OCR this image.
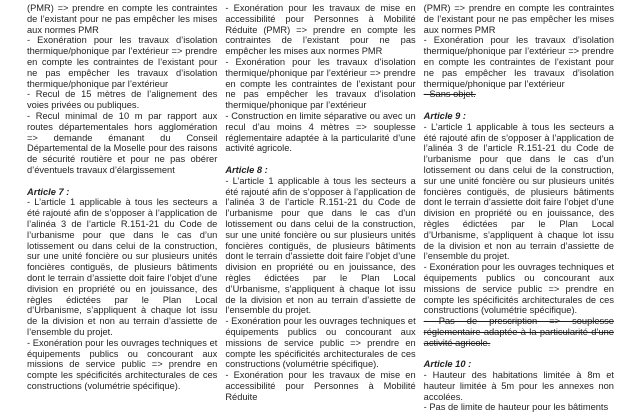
(PMR) => prendre en compte les contraintes de l’existant pour ne pas empêcher les mises aux normes PMR

- Exonération pour les travaux d’isolation thermique/phonique par l’extérieur => prendre en compte les contraintes de l’existant pour ne pas empêcher les travaux d’isolation thermique/phonique par l’extérieur

- Recul de 15 mètres de l’alignement des voies privées ou publiques.

- Recul minimal de 10 m par rapport aux routes départementales hors agglomération => demande émanant du Conseil Départemental de la Moselle pour des raisons de sécurité routière et pour ne pas obérer d’éventuels travaux d’élargissement

Article 7 :

- L’article 1 applicable à tous les secteurs a été rajouté afin de s’opposer à l’application de l’alinéa 3 de l’article R.151-21 du Code de l’urbanisme pour que dans le cas d’un lotissement ou dans celui de la construction, sur une unité foncière ou sur plusieurs unités foncières contiguës, de plusieurs bâtiments dont le terrain d’assiette doit faire l’objet d’une division en propriété ou en jouissance, des règles édictées par le Plan Local d’Urbanisme, s’appliquent à chaque lot issu de la division et non au terrain d’assiette de l’ensemble du projet.

- Exonération pour les ouvrages techniques et équipements publics ou concourant aux missions de service public => prendre en compte les spécificités architecturales de ces constructions (volumétrie spécifique).

- Exonération pour les travaux de mise en accessibilité pour Personnes à Mobilité Réduite (PMR) => prendre en compte les contraintes de l’existant pour ne pas empêcher les mises aux normes PMR

- Exonération pour les travaux d’isolation thermique/phonique par l’extérieur => prendre en compte les contraintes de l’existant pour ne pas empêcher les travaux d’isolation thermique/phonique par l’extérieur

- Construction en limite séparative ou avec un recul d’au moins 4 mètres => souplesse réglementaire adaptée à la particularité d’une activité agricole.

Article 8 :

- L’article 1 applicable à tous les secteurs a été rajouté afin de s’opposer à l’application de l’alinéa 3 de l’article R.151-21 du Code de l’urbanisme pour que dans le cas d’un lotissement ou dans celui de la construction, sur une unité foncière ou sur plusieurs unités foncières contiguës, de plusieurs bâtiments dont le terrain d’assiette doit faire l’objet d’une division en propriété ou en jouissance, des règles édictées par le Plan Local d’Urbanisme, s’appliquent à chaque lot issu de la division et non au terrain d’assiette de l’ensemble du projet.

- Exonération pour les ouvrages techniques et équipements publics ou concourant aux missions de service public => prendre en compte les spécificités architecturales de ces constructions (volumétrie spécifique).

- Exonération pour les travaux de mise en accessibilité pour Personnes à Mobilité Réduite

(PMR) => prendre en compte les contraintes de l’existant pour ne pas empêcher les mises aux normes PMR

- Exonération pour les travaux d’isolation thermique/phonique par l’extérieur => prendre en compte les contraintes de l’existant pour ne pas empêcher les travaux d’isolation thermique/phonique par l’extérieur

- Sans objet.

Article 9 :

- L’article 1 applicable à tous les secteurs a été rajouté afin de s’opposer à l’application de l’alinéa 3 de l’article R.151-21 du Code de l’urbanisme pour que dans le cas d’un lotissement ou dans celui de la construction, sur une unité foncière ou sur plusieurs unités foncières contiguës, de plusieurs bâtiments dont le terrain d’assiette doit faire l’objet d’une division en propriété ou en jouissance, des règles édictées par le Plan Local d’Urbanisme, s’appliquent à chaque lot issu de la division et non au terrain d’assiette de l’ensemble du projet.

- Exonération pour les ouvrages techniques et équipements publics ou concourant aux missions de service public => prendre en compte les spécificités architecturales de ces constructions (volumétrie spécifique).

- Pas de prescription => souplesse réglementaire adaptée à la particularité d’une activité agricole.

Article 10 :

- Hauteur des habitations limitée à 8m et hauteur limitée à 5m pour les annexes non accolées.

- Pas de limite de hauteur pour les bâtiments
